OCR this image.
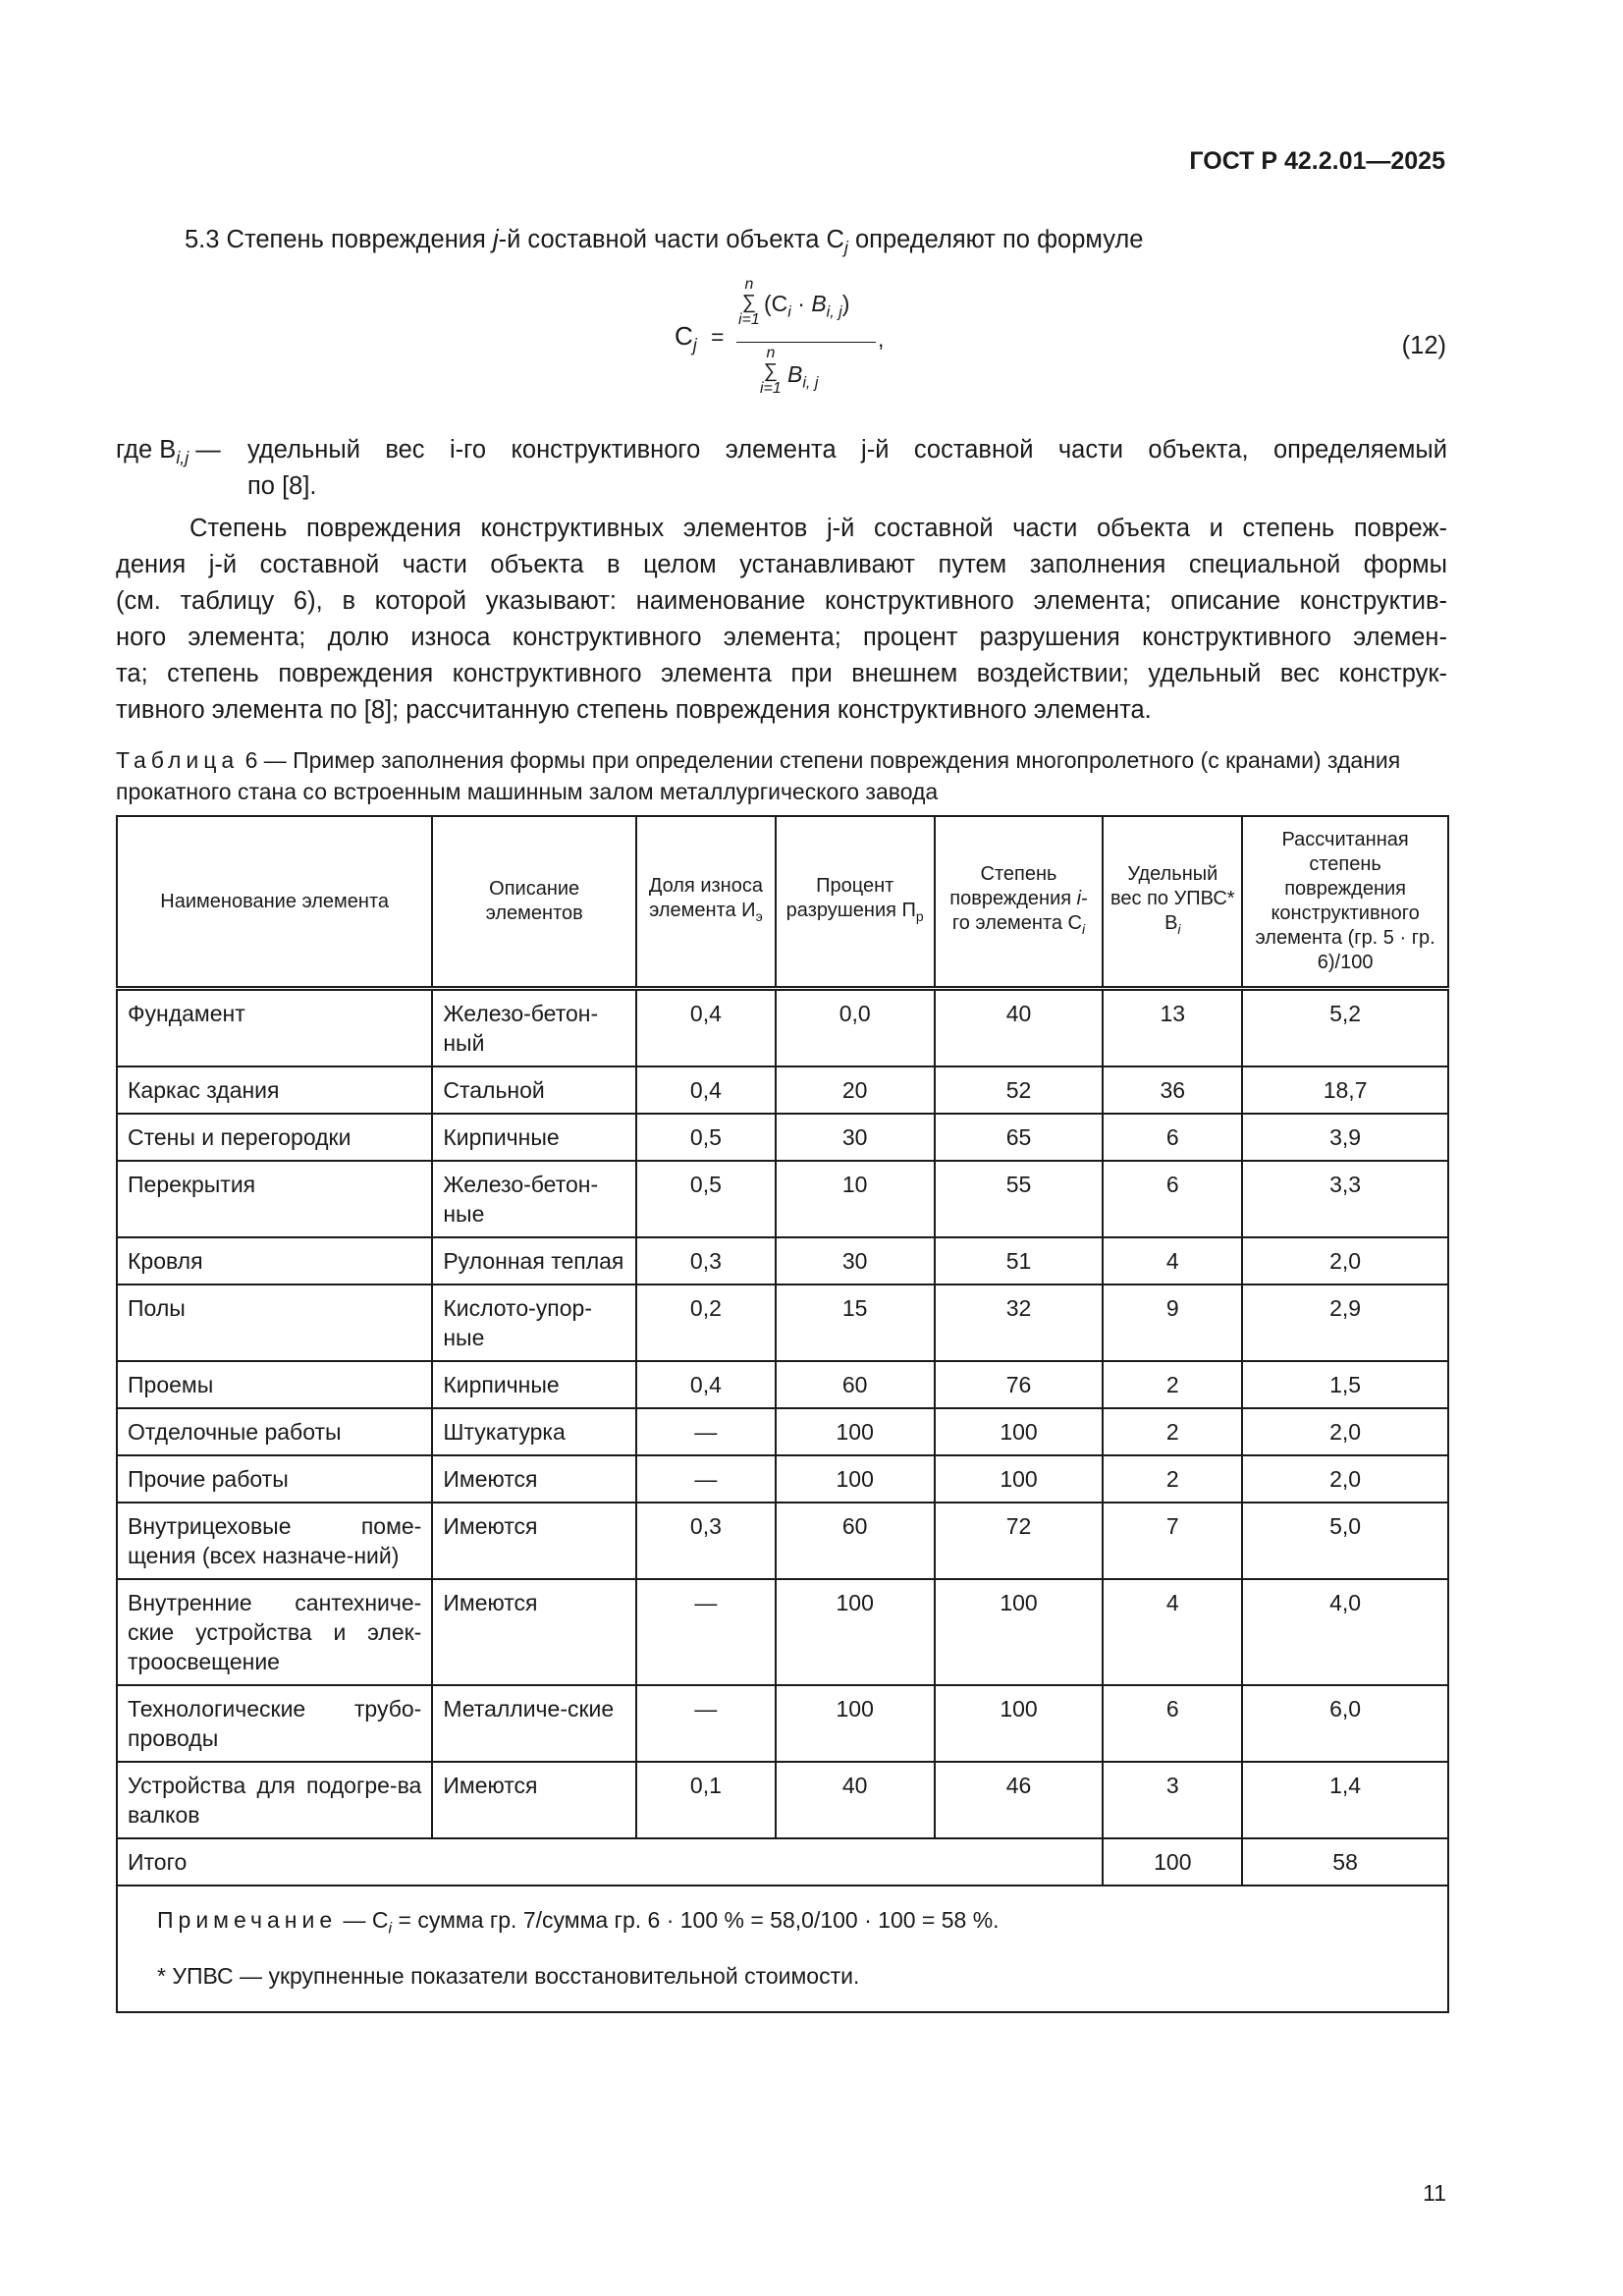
ГОСТ Р 42.2.01—2025
5.3 Степень повреждения j-й составной части объекта $С_j$ определяют по формуле
$С_j$ =
n
∑
i=1
$(С_i \cdot B_{i, j})$
n
∑
i=1
$B_{i, j}$
,	(12)
где $B_{i,j}$ — удельный вес i-го конструктивного элемента j-й составной части объекта, определяемый
по [8].
Степень повреждения конструктивных элементов j-й составной части объекта и степень повреж-
дения j-й составной части объекта в целом устанавливают путем заполнения специальной формы
(см. таблицу 6), в которой указывают: наименование конструктивного элемента; описание конструктив-
ного элемента; долю износа конструктивного элемента; процент разрушения конструктивного элемен-
та; степень повреждения конструктивного элемента при внешнем воздействии; удельный вес конструк-
тивного элемента по [8]; рассчитанную степень повреждения конструктивного элемента.
Таблица 6 — Пример заполнения формы при определении степени повреждения многопролетного (с кранами) здания прокатного стана со встроенным машинным залом металлургического завода
Наименование элемента	Описание элементов	Доля износа элемента $И_э$	Процент разрушения $П_р$	Степень повреждения i-го элемента $С_i$	Удельный вес по УПВС* $B_i$	Рассчитанная степень повреждения конструктивного элемента (гр. 5 · гр. 6)/100
Фундамент	Железо-бетон-ный	0,4	0,0	40	13	5,2
Каркас здания	Стальной	0,4	20	52	36	18,7
Стены и перегородки	Кирпичные	0,5	30	65	6	3,9
Перекрытия	Железо-бетон-ные	0,5	10	55	6	3,3
Кровля	Рулонная теплая	0,3	30	51	4	2,0
Полы	Кислото-упор-ные	0,2	15	32	9	2,9
Проемы	Кирпичные	0,4	60	76	2	1,5
Отделочные работы	Штукатурка	—	100	100	2	2,0
Прочие работы	Имеются	—	100	100	2	2,0
Внутрицеховые поме-щения (всех назначе-ний)	Имеются	0,3	60	72	7	5,0
Внутренние сантехниче-ские устройства и элек-троосвещение	Имеются	—	100	100	4	4,0
Технологические трубо-проводы	Металличе-ские	—	100	100	6	6,0
Устройства для подогре-ва валков	Имеются	0,1	40	46	3	1,4
Итого					100	58

Примечание — $C_i$ = сумма гр. 7/сумма гр. 6 · 100 % = 58,0/100 · 100 = 58 %.
* УПВС — укрупненные показатели восстановительной стоимости.						
11
